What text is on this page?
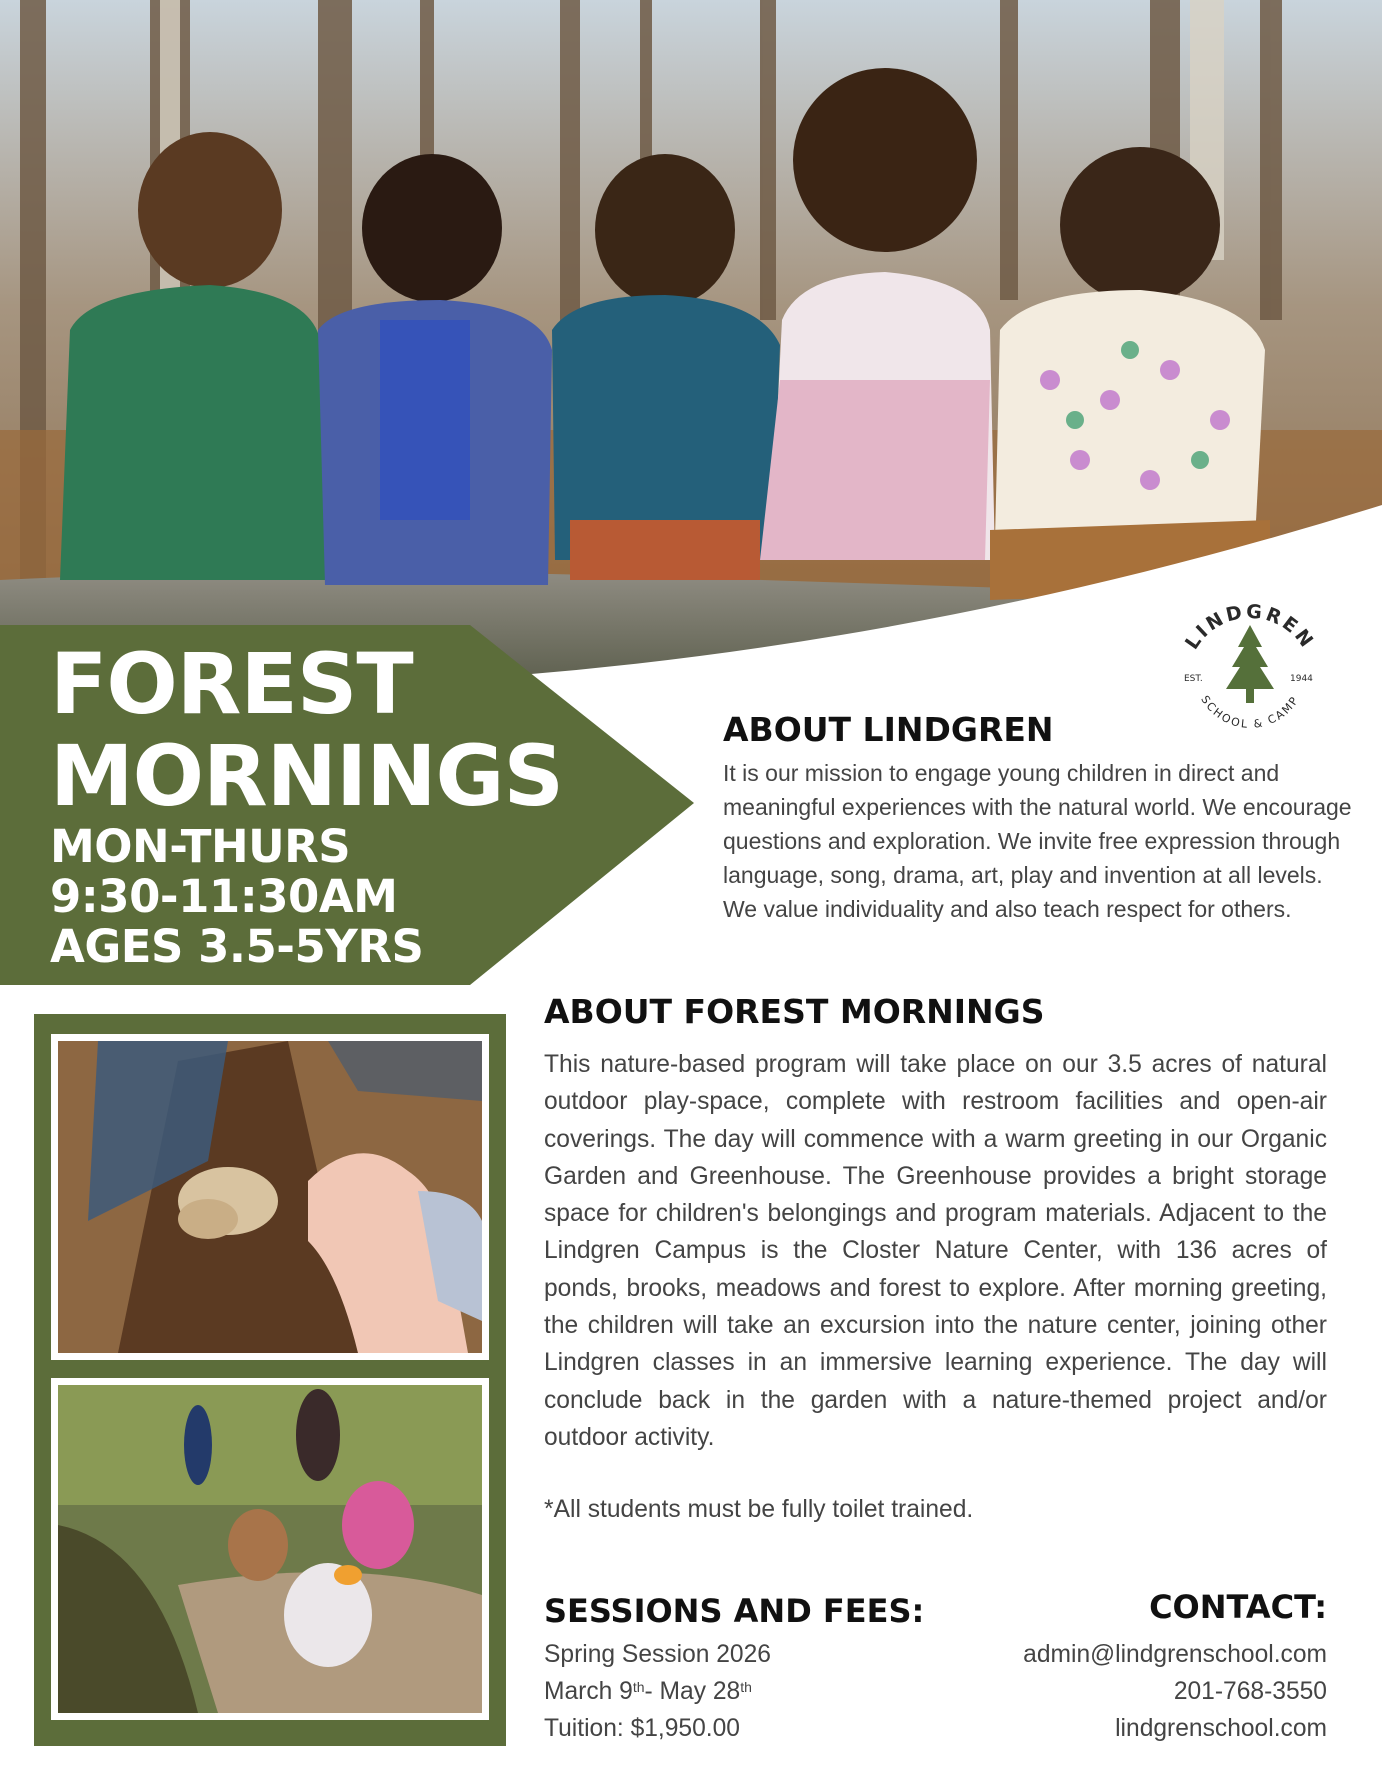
FOREST
MORNINGS
MON-THURS
9:30-11:30AM
AGES 3.5-5YRS
LINDGREN
SCHOOL & CAMP
EST.	1944
ABOUT LINDGREN

It is our mission to engage young children in direct and meaningful experiences with the natural world. We encourage questions and exploration. We invite free expression through language, song, drama, art, play and invention at all levels. We value individuality and also teach respect for others.

ABOUT FOREST MORNINGS

This nature-based program will take place on our 3.5 acres of natural outdoor play-space, complete with restroom facilities and open-air coverings. The day will commence with a warm greeting in our Organic Garden and Greenhouse. The Greenhouse provides a bright storage space for children's belongings and program materials. Adjacent to the Lindgren Campus is the Closter Nature Center, with 136 acres of ponds, brooks, meadows and forest to explore. After morning greeting, the children will take an excursion into the nature center, joining other Lindgren classes in an immersive learning experience. The day will conclude back in the garden with a nature-themed project and/or outdoor activity.

*All students must be fully toilet trained.

SESSIONS AND FEES:
Spring Session 2026
March 9th- May 28th
Tuition: $1,950.00
CONTACT:
admin@lindgrenschool.com
201-768-3550
lindgrenschool.com
